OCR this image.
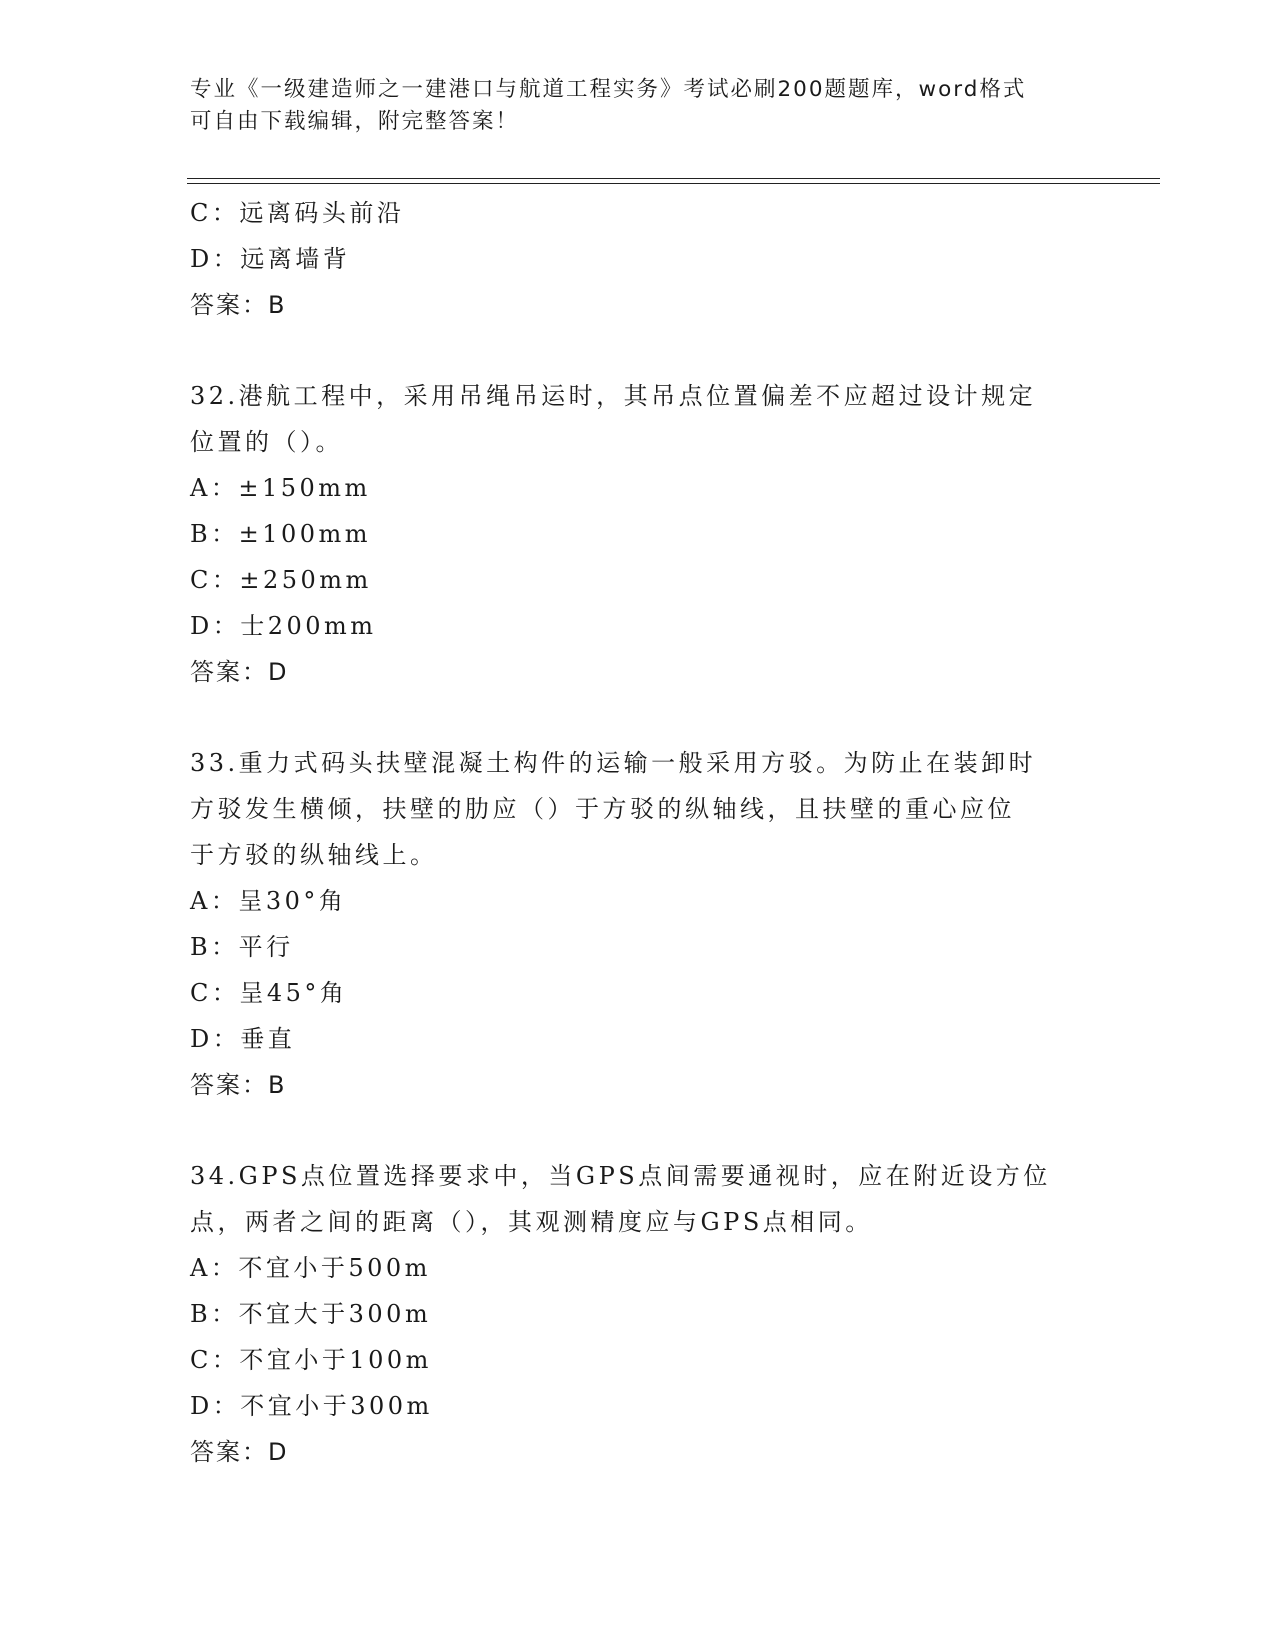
专业《一级建造师之一建港口与航道工程实务》考试必刷200题题库，word格式
可自由下载编辑，附完整答案！
C：远离码头前沿
D：远离墙背
答案：B
32.港航工程中，采用吊绳吊运时，其吊点位置偏差不应超过设计规定
位置的（）。
A：±150mm
B：±100mm
C：±250mm
D：士200mm
答案：D
33.重力式码头扶壁混凝土构件的运输一般采用方驳。为防止在装卸时
方驳发生横倾，扶壁的肋应（）于方驳的纵轴线，且扶壁的重心应位
于方驳的纵轴线上。
A：呈30°角
B：平行
C：呈45°角
D：垂直
答案：B
34.GPS点位置选择要求中，当GPS点间需要通视时，应在附近设方位
点，两者之间的距离（），其观测精度应与GPS点相同。
A：不宜小于500m
B：不宜大于300m
C：不宜小于100m
D：不宜小于300m
答案：D
